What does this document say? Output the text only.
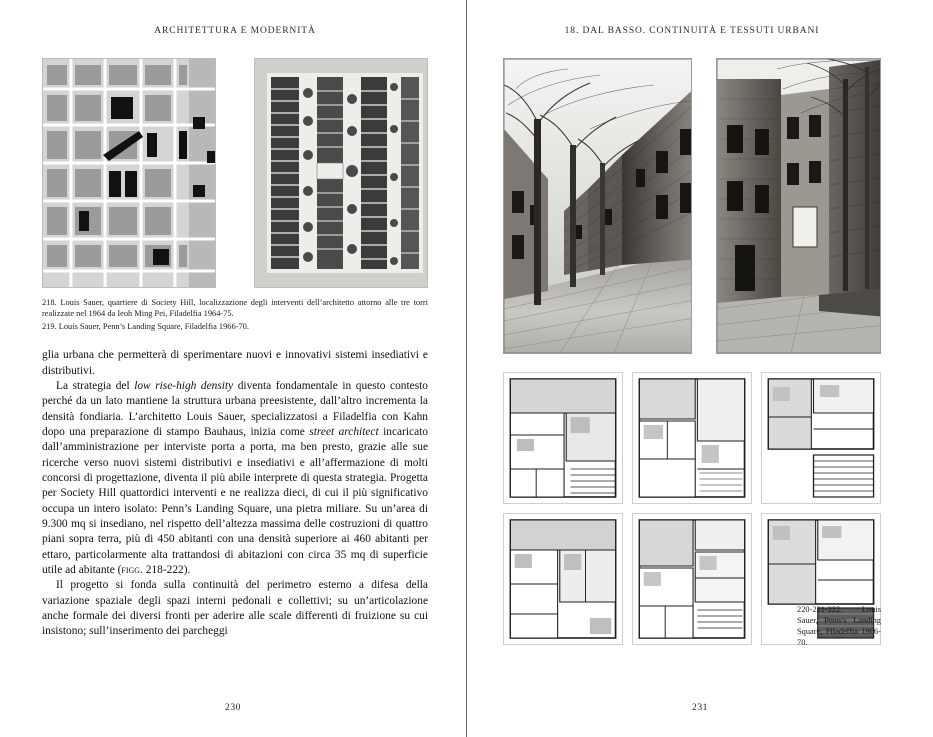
ARCHITETTURA E MODERNITÀ
218. Louis Sauer, quartiere di Society Hill, localizzazione degli interventi dell’architetto attorno alle tre torri realizzate nel 1964 da Ieoh Ming Pei, Filadelfia 1964-75.
219. Louis Sauer, Penn’s Landing Square, Filadelfia 1966-70.

glia urbana che permetterà di sperimentare nuovi e innovativi sistemi insediativi e distributivi.

La strategia del low rise-high density diventa fondamentale in questo contesto perché da un lato mantiene la struttura urbana preesistente, dall’altro incrementa la densità fondiaria. L’architetto Louis Sauer, specializzatosi a Filadelfia con Kahn dopo una preparazione di stampo Bauhaus, inizia come street architect incaricato dall’amministrazione per interviste porta a porta, ma ben presto, grazie alle sue ricerche verso nuovi sistemi distributivi e insediativi e all’affermazione di molti concorsi di progettazione, diventa il più abile interprete di questa strategia. Progetta per Society Hill quattordici interventi e ne realizza dieci, di cui il più significativo occupa un intero isolato: Penn’s Landing Square, una pietra miliare. Su un’area di 9.300 mq si insediano, nel rispetto dell’altezza massima delle costruzioni di quattro piani sopra terra, più di 450 abitanti con una densità superiore ai 460 abitanti per ettaro, particolarmente alta trattandosi di abitazioni con circa 35 mq di superficie utile ad abitante (figg. 218-222).

Il progetto si fonda sulla continuità del perimetro esterno a difesa della variazione spaziale degli spazi interni pedonali e collettivi; su un’articolazione anche formale dei diversi fronti per aderire alle scale differenti di fruizione su cui insistono; sull’inserimento dei parcheggi

230
18. DAL BASSO. CONTINUITÀ E TESSUTI URBANI
220-221-222. Louis Sauer, Penn’s Landing Square, Filadelfia 1966-70.
231
